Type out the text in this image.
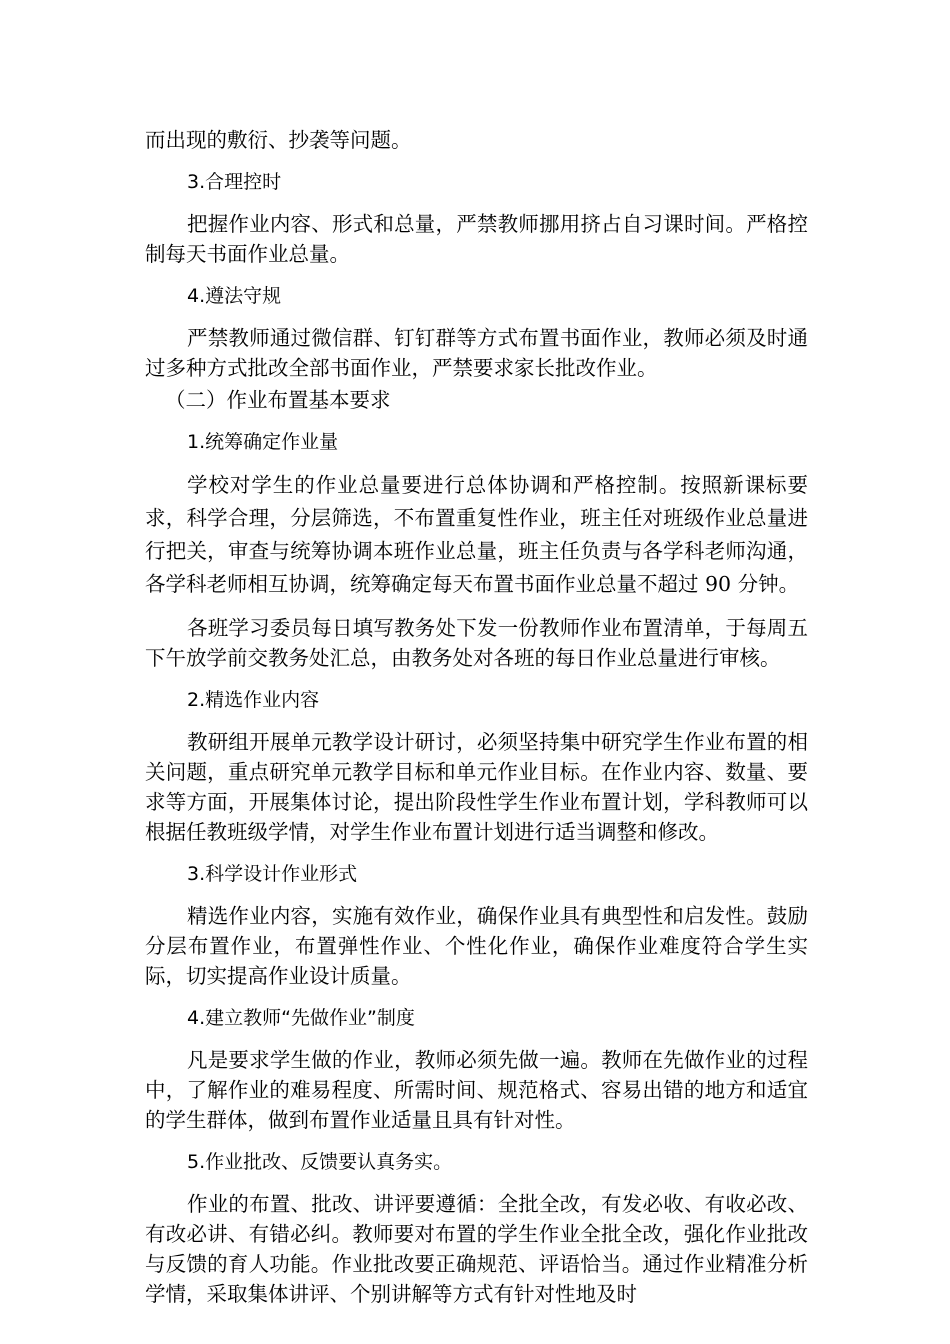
而出现的敷衍、抄袭等问题。

3.合理控时

把握作业内容、形式和总量，严禁教师挪用挤占自习课时间。严格控制每天书面作业总量。

4.遵法守规

严禁教师通过微信群、钉钉群等方式布置书面作业，教师必须及时通过多种方式批改全部书面作业，严禁要求家长批改作业。

（二）作业布置基本要求

1.统筹确定作业量

学校对学生的作业总量要进行总体协调和严格控制。按照新课标要求，科学合理，分层筛选，不布置重复性作业，班主任对班级作业总量进行把关，审查与统筹协调本班作业总量，班主任负责与各学科老师沟通，各学科老师相互协调，统筹确定每天布置书面作业总量不超过 90 分钟。

各班学习委员每日填写教务处下发一份教师作业布置清单，于每周五下午放学前交教务处汇总，由教务处对各班的每日作业总量进行审核。

2.精选作业内容

教研组开展单元教学设计研讨，必须坚持集中研究学生作业布置的相关问题，重点研究单元教学目标和单元作业目标。在作业内容、数量、要求等方面，开展集体讨论，提出阶段性学生作业布置计划，学科教师可以根据任教班级学情，对学生作业布置计划进行适当调整和修改。

3.科学设计作业形式

精选作业内容，实施有效作业，确保作业具有典型性和启发性。鼓励分层布置作业，布置弹性作业、个性化作业，确保作业难度符合学生实际，切实提高作业设计质量。

4.建立教师“先做作业”制度

凡是要求学生做的作业，教师必须先做一遍。教师在先做作业的过程中，了解作业的难易程度、所需时间、规范格式、容易出错的地方和适宜的学生群体，做到布置作业适量且具有针对性。

5.作业批改、反馈要认真务实。

作业的布置、批改、讲评要遵循：全批全改，有发必收、有收必改、有改必讲、有错必纠。教师要对布置的学生作业全批全改，强化作业批改与反馈的育人功能。作业批改要正确规范、评语恰当。通过作业精准分析学情，采取集体讲评、个别讲解等方式有针对性地及时
